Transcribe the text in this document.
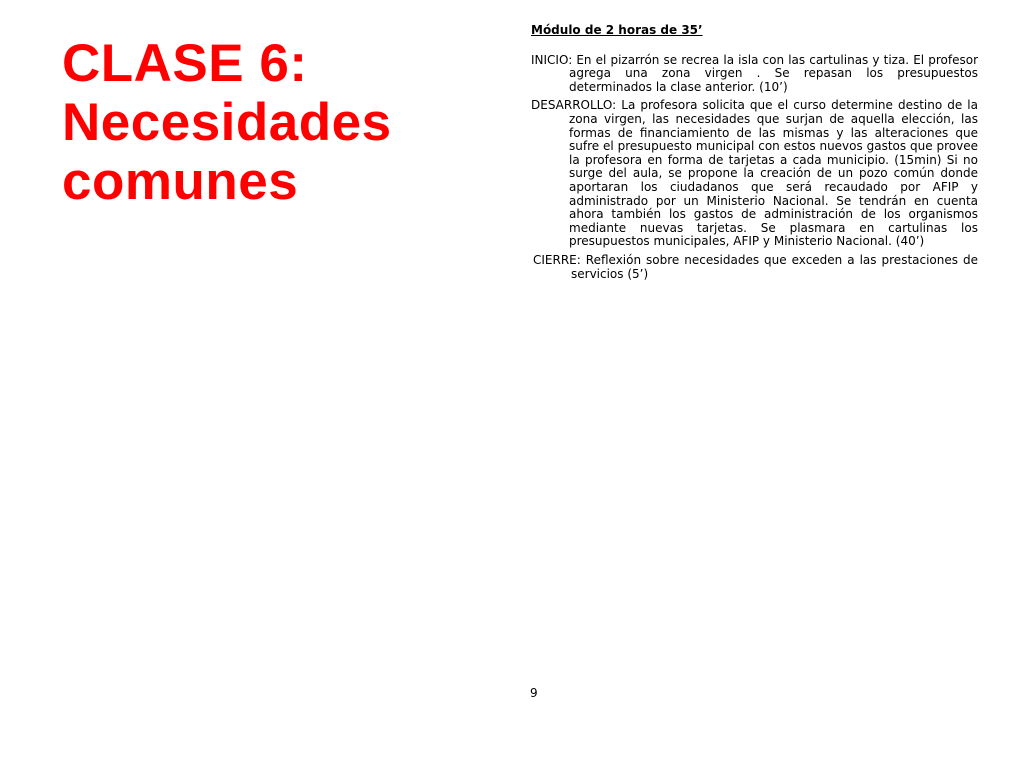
CLASE 6:
Necesidades
comunes

Módulo de 2 horas de 35’

INICIO: En el pizarrón se recrea la isla con las cartulinas y tiza. El profesor agrega una zona virgen . Se repasan los presupuestos determinados la clase anterior. (10’)

DESARROLLO: La profesora solicita que el curso determine destino de la zona virgen, las necesidades que surjan de aquella elección, las formas de financiamiento de las mismas y las alteraciones que sufre el presupuesto municipal con estos nuevos gastos que provee la profesora en forma de tarjetas a cada municipio. (15min) Si no surge del aula, se propone la creación de un pozo común donde aportaran los ciudadanos que será recaudado por AFIP y administrado por un Ministerio Nacional. Se tendrán en cuenta ahora también los gastos de administración de los organismos mediante nuevas tarjetas. Se plasmara en cartulinas los presupuestos municipales, AFIP y Ministerio Nacional. (40’)

CIERRE: Reflexión sobre necesidades que exceden a las prestaciones de servicios (5’)

9
